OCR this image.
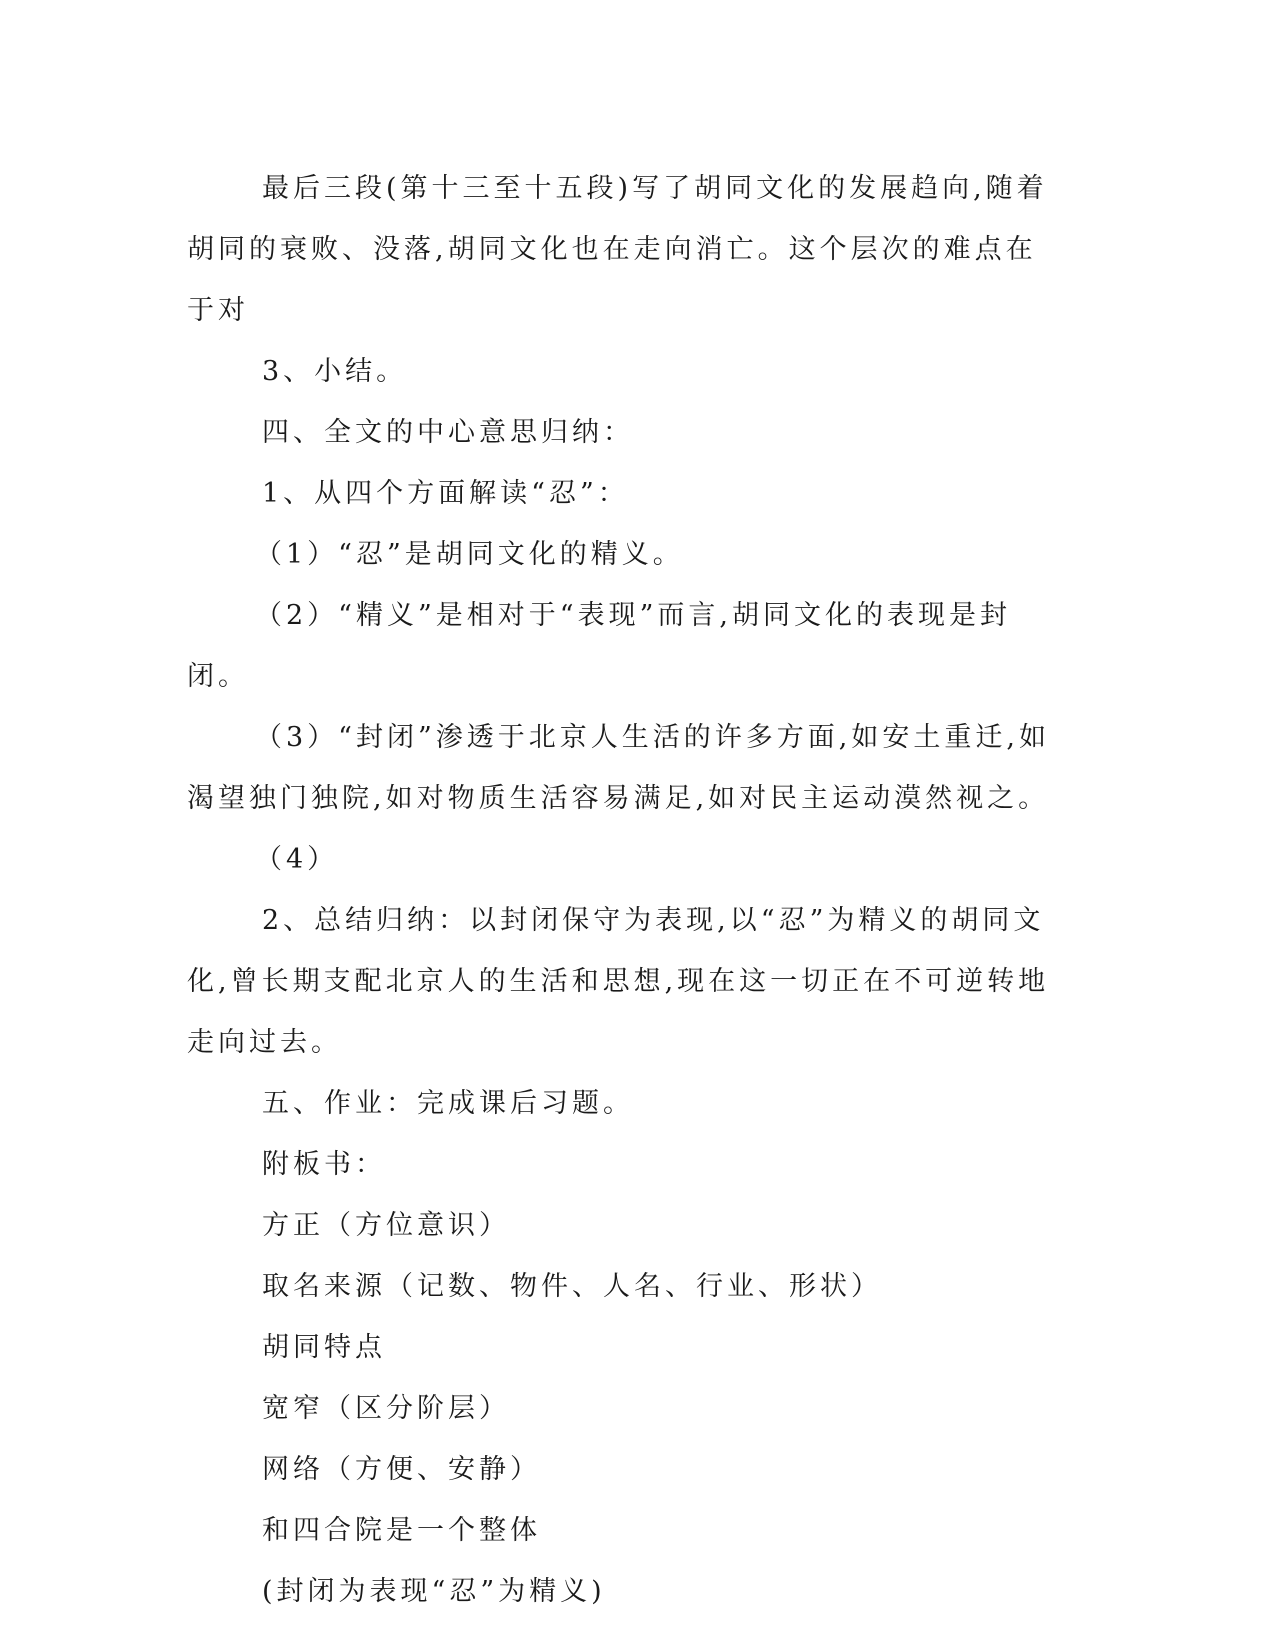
最后三段(第十三至十五段)写了胡同文化的发展趋向,随着胡同的衰败、没落,胡同文化也在走向消亡。这个层次的难点在于对

3、小结。

四、全文的中心意思归纳：

1、从四个方面解读“忍”：

（1）“忍”是胡同文化的精义。

（2）“精义”是相对于“表现”而言,胡同文化的表现是封闭。

（3）“封闭”渗透于北京人生活的许多方面,如安土重迁,如渴望独门独院,如对物质生活容易满足,如对民主运动漠然视之。

（4）

2、总结归纳：以封闭保守为表现,以“忍”为精义的胡同文化,曾长期支配北京人的生活和思想,现在这一切正在不可逆转地走向过去。

五、作业：完成课后习题。

附板书：

方正（方位意识）

取名来源（记数、物件、人名、行业、形状）

胡同特点

宽窄（区分阶层）

网络（方便、安静）

和四合院是一个整体

(封闭为表现“忍”为精义)
